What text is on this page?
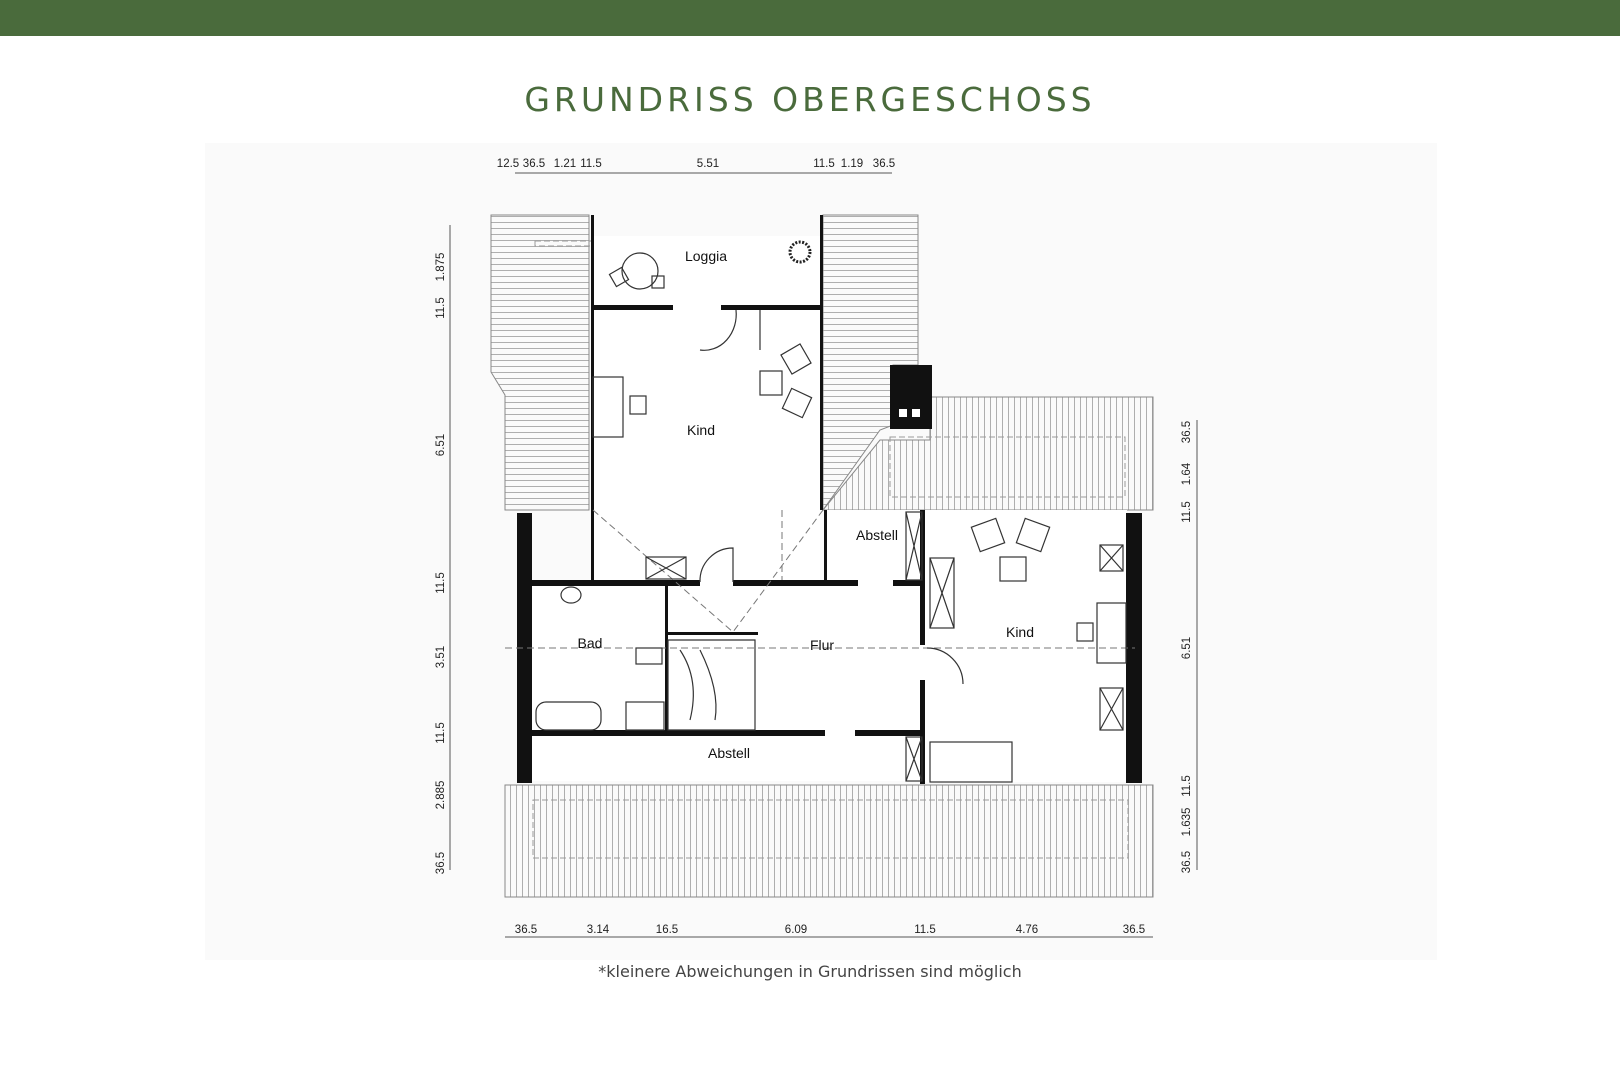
GRUNDRISS OBERGESCHOSS
Loggia
Kind
Abstell
Bad	Flur
Kind
Abstell
12.5 36.5 1.21 11.5	5.51	11.5 1.19 36.5
36.5	3.14	16.5	6.09	11.5	4.76	36.5
1.875
11.5
6.51
11.5
3.51
11.5
2.885
36.5
36.5
1.64
11.5
6.51
11.5
1.635
36.5
*kleinere Abweichungen in Grundrissen sind möglich
